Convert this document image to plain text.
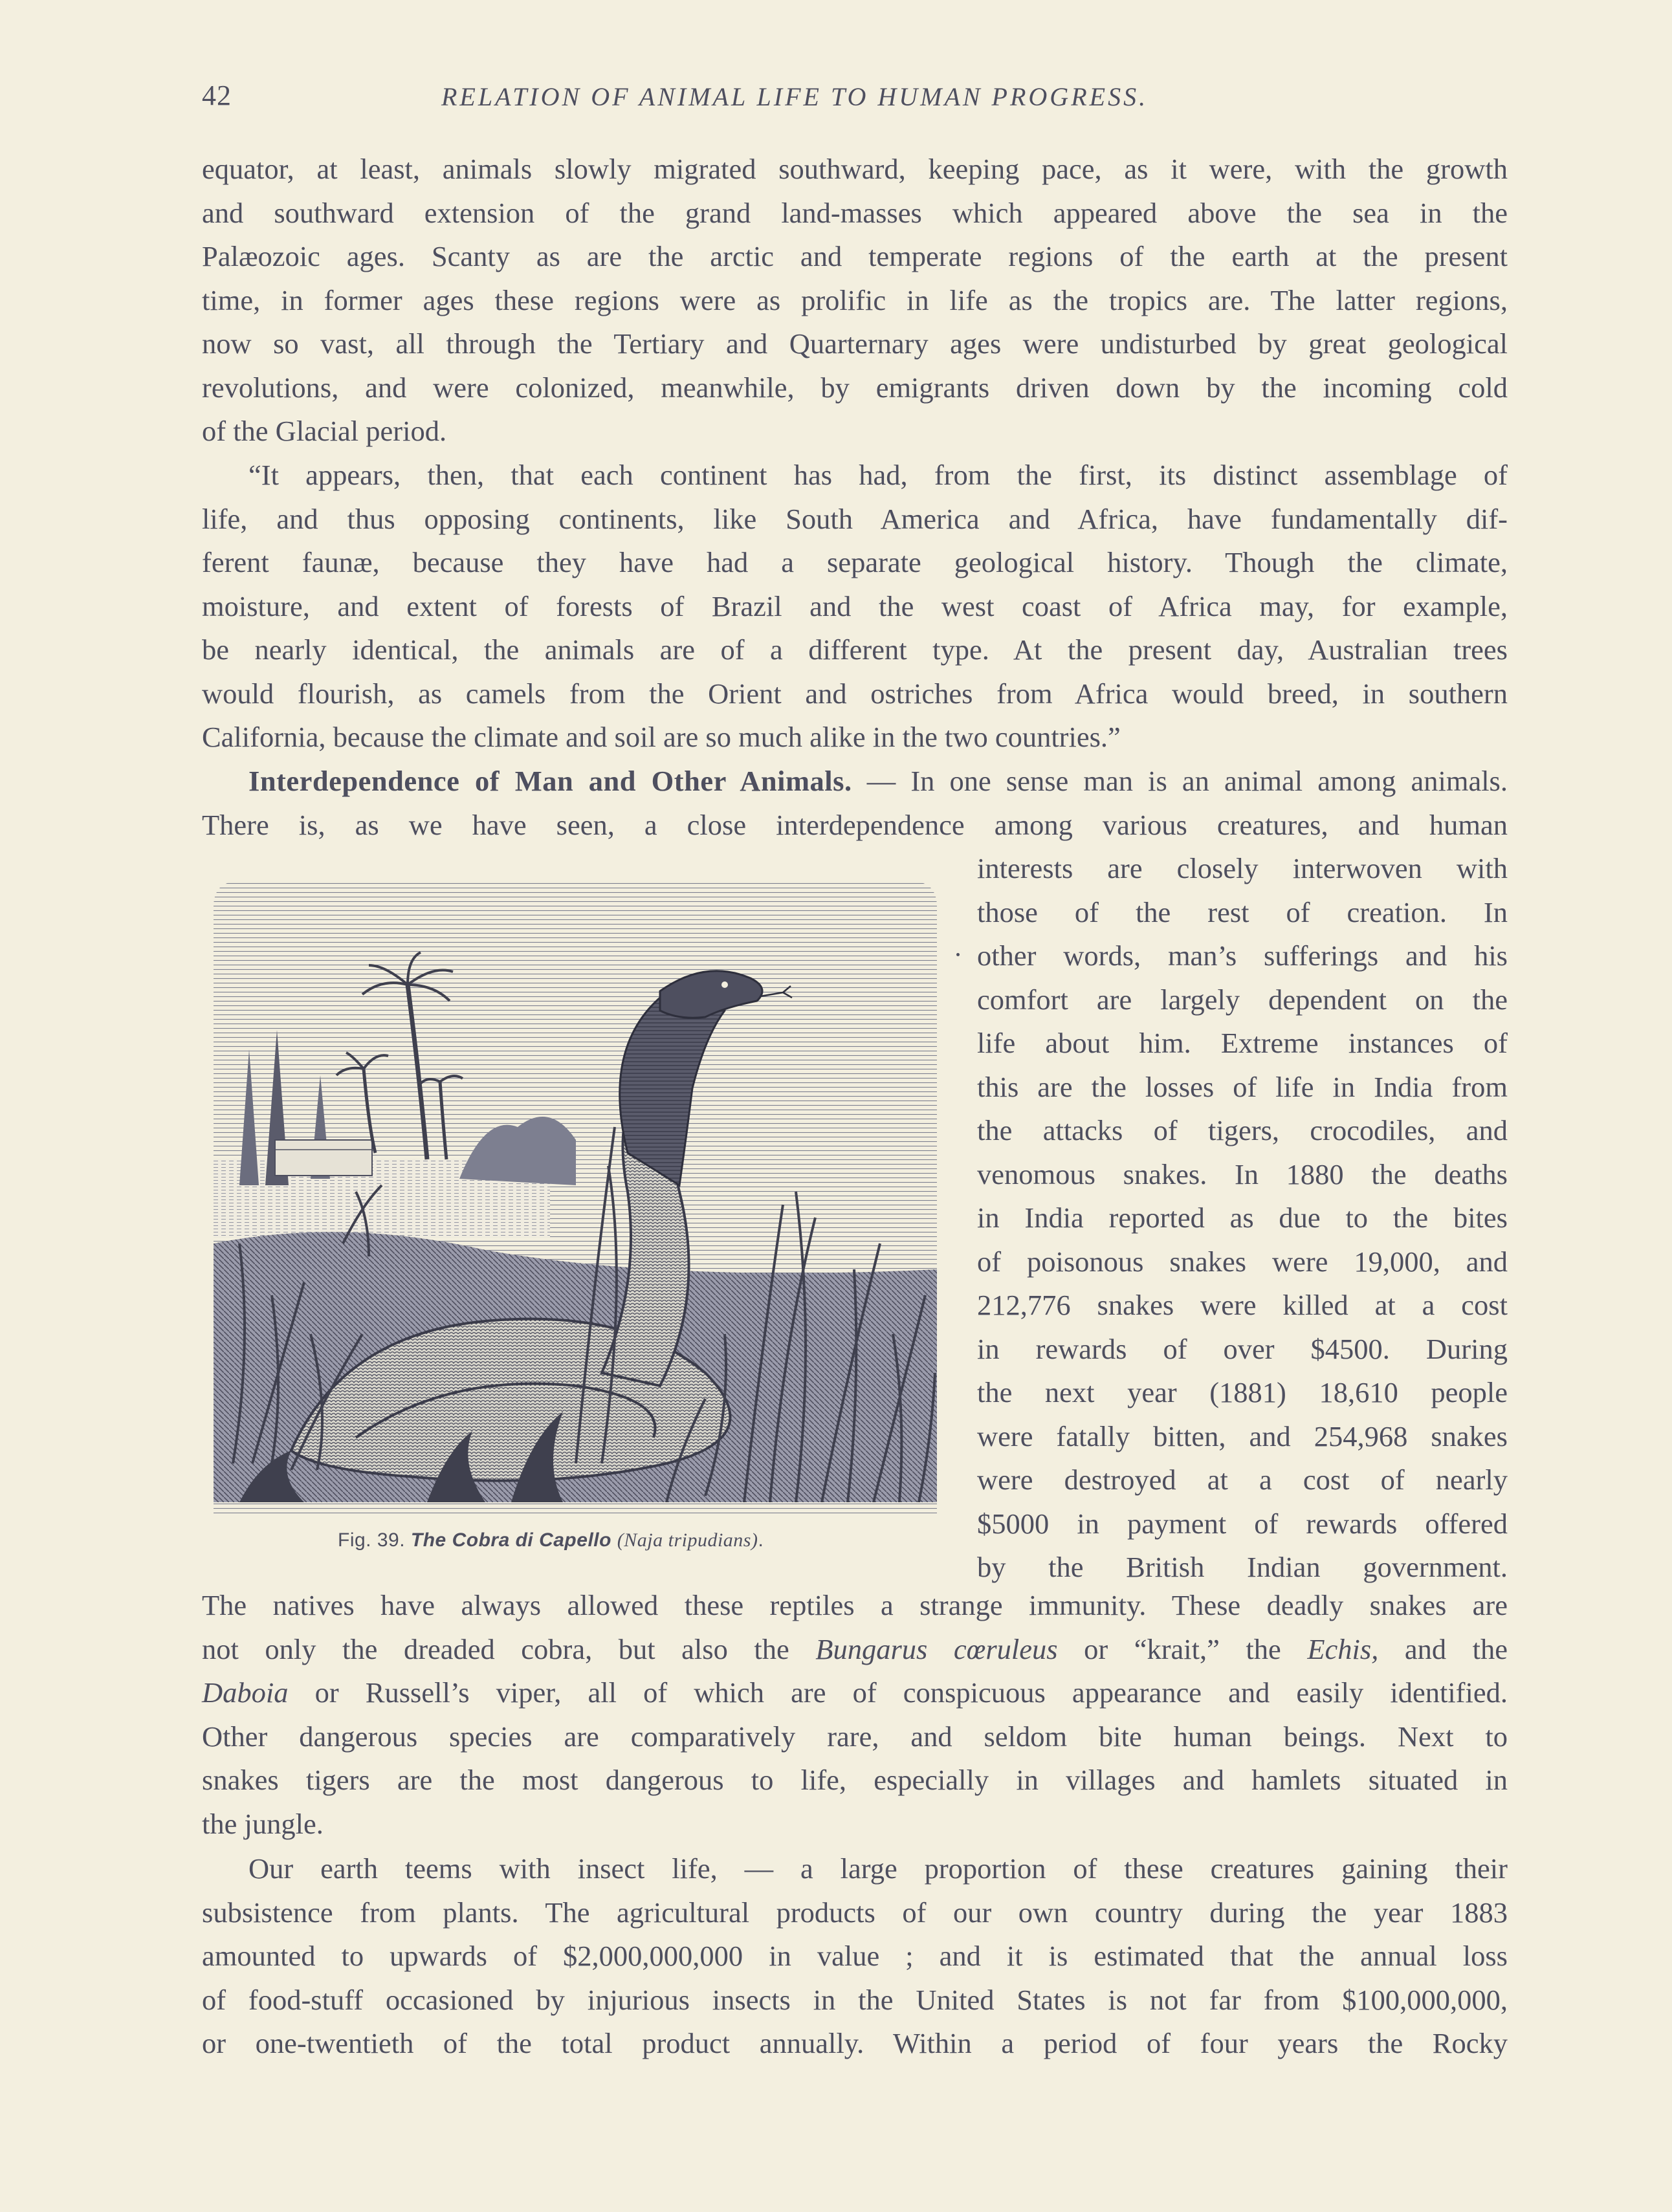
42	RELATION OF ANIMAL LIFE TO HUMAN PROGRESS.

equator, at least, animals slowly migrated southward, keeping pace, as it were, with the growth

and southward extension of the grand land-masses which appeared above the sea in the

Palæozoic ages. Scanty as are the arctic and temperate regions of the earth at the present

time, in former ages these regions were as prolific in life as the tropics are. The latter regions,

now so vast, all through the Tertiary and Quarternary ages were undisturbed by great geological

revolutions, and were colonized, meanwhile, by emigrants driven down by the incoming cold

of the Glacial period.

“It appears, then, that each continent has had, from the first, its distinct assemblage of

life, and thus opposing continents, like South America and Africa, have fundamentally dif-

ferent faunæ, because they have had a separate geological history. Though the climate,

moisture, and extent of forests of Brazil and the west coast of Africa may, for example,

be nearly identical, the animals are of a different type. At the present day, Australian trees

would flourish, as camels from the Orient and ostriches from Africa would breed, in southern

California, because the climate and soil are so much alike in the two countries.”

Interdependence of Man and Other Animals. — In one sense man is an animal among animals.

There is, as we have seen, a close interdependence among various creatures, and human

interests are closely interwoven with

those of the rest of creation. In

other words, man’s sufferings and his

comfort are largely dependent on the

life about him. Extreme instances of

this are the losses of life in India from

the attacks of tigers, crocodiles, and

venomous snakes. In 1880 the deaths

in India reported as due to the bites

of poisonous snakes were 19,000, and

212,776 snakes were killed at a cost

in rewards of over $4500. During

the next year (1881) 18,610 people

were fatally bitten, and 254,968 snakes

were destroyed at a cost of nearly

$5000 in payment of rewards offered

by the British Indian government.

Fig. 39. The Cobra di Capello (Naja tripudians).

The natives have always allowed these reptiles a strange immunity. These deadly snakes are

not only the dreaded cobra, but also the Bungarus cœruleus or “krait,” the Echis, and the

Daboia or Russell’s viper, all of which are of conspicuous appearance and easily identified.

Other dangerous species are comparatively rare, and seldom bite human beings. Next to

snakes tigers are the most dangerous to life, especially in villages and hamlets situated in

the jungle.

Our earth teems with insect life, — a large proportion of these creatures gaining their

subsistence from plants. The agricultural products of our own country during the year 1883

amounted to upwards of $2,000,000,000 in value ; and it is estimated that the annual loss

of food-stuff occasioned by injurious insects in the United States is not far from $100,000,000,

or one-twentieth of the total product annually. Within a period of four years the Rocky
